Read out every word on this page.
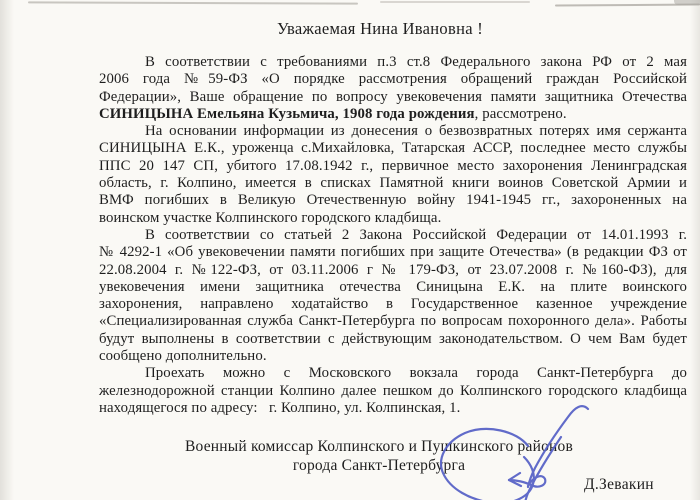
Уважаемая Нина Ивановна !
В соответствии с требованиями п.3 ст.8 Федерального закона РФ от 2 мая
2006 года №59-ФЗ «О порядке рассмотрения обращений граждан Российской
Федерации», Ваше обращение по вопросу увековечения памяти защитника Отечества
СИНИЦЫНА Емельяна Кузьмича, 1908 года рождения, рассмотрено.
На основании информации из донесения о безвозвратных потерях имя сержанта
СИНИЦЫНА Е.К., уроженца с.Михайловка, Татарская АССР, последнее место службы
ППС 20 147 СП, убитого 17.08.1942 г., первичное место захоронения Ленинградская
область, г. Колпино, имеется в списках Памятной книги воинов Советской Армии и
ВМФ погибших в Великую Отечественную войну 1941-1945 гг., захороненных на
воинском участке Колпинского городского кладбища.
В соответствии со статьей 2 Закона Российской Федерации от 14.01.1993 г.
№ 4292-1 «Об увековечении памяти погибших при защите Отечества» (в редакции ФЗ от
22.08.2004 г. №122-ФЗ, от 03.11.2006 г № 179-ФЗ, от 23.07.2008 г. №160-ФЗ), для
увековечения имени защитника отечества Синицына Е.К. на плите воинского
захоронения, направлено ходатайство в Государственное казенное учреждение
«Специализированная служба Санкт-Петербурга по вопросам похоронного дела». Работы
будут выполнены в соответствии с действующим законодательством. О чем Вам будет
сообщено дополнительно.
Проехать можно с Московского вокзала города Санкт-Петербурга до
железнодорожной станции Колпино далее пешком до Колпинского городского кладбища
находящегося по адресу:   г. Колпино, ул. Колпинская, 1.
Военный комиссар Колпинского и Пушкинского районов
города Санкт-Петербурга
Д.Зевакин
